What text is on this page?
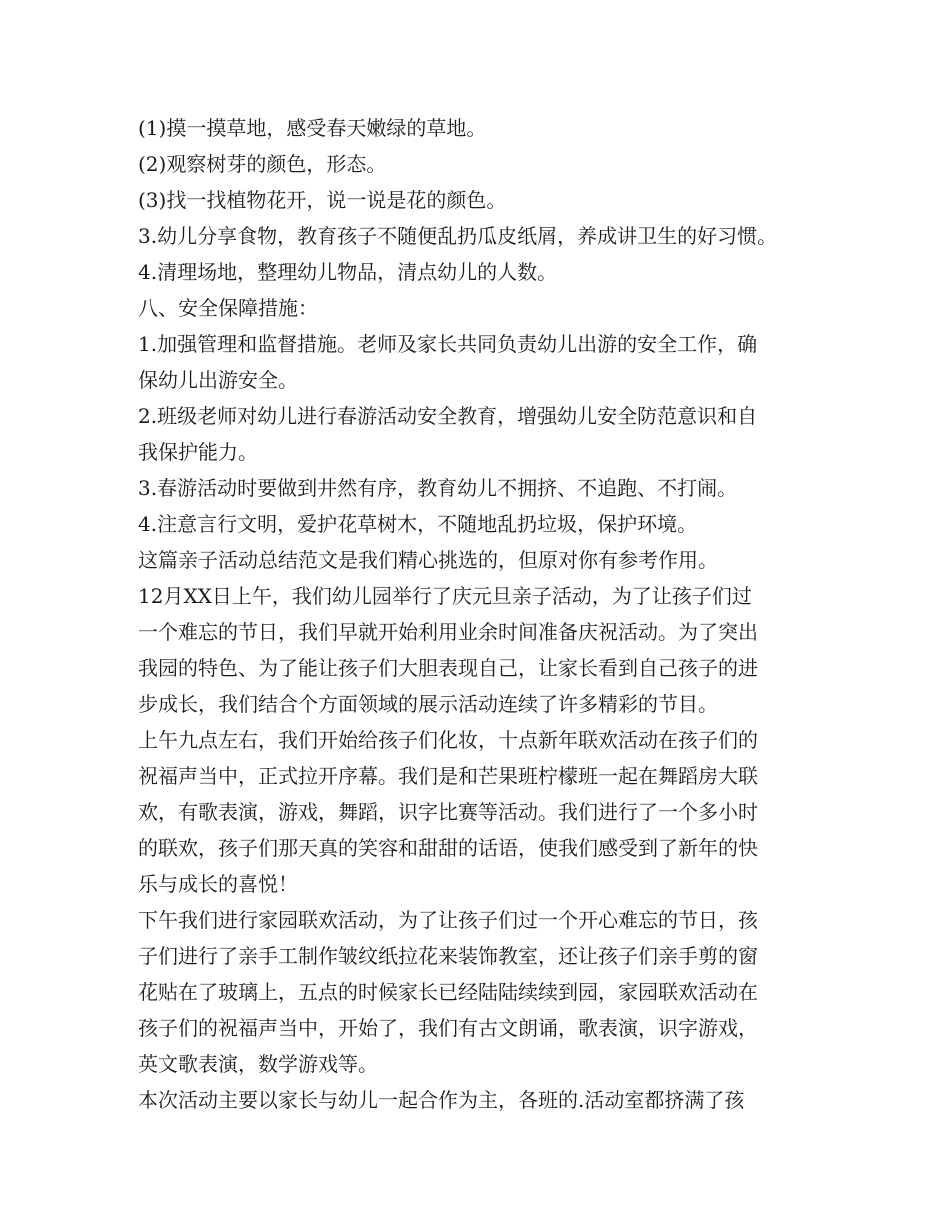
(1)摸一摸草地，感受春天嫩绿的草地。
(2)观察树芽的颜色，形态。
(3)找一找植物花开，说一说是花的颜色。
3.幼儿分享食物，教育孩子不随便乱扔瓜皮纸屑，养成讲卫生的好习惯。
4.清理场地，整理幼儿物品，清点幼儿的人数。
八、安全保障措施：
1.加强管理和监督措施。老师及家长共同负责幼儿出游的安全工作，确
保幼儿出游安全。
2.班级老师对幼儿进行春游活动安全教育，增强幼儿安全防范意识和自
我保护能力。
3.春游活动时要做到井然有序，教育幼儿不拥挤、不追跑、不打闹。
4.注意言行文明，爱护花草树木，不随地乱扔垃圾，保护环境。
这篇亲子活动总结范文是我们精心挑选的，但原对你有参考作用。
12月XX日上午，我们幼儿园举行了庆元旦亲子活动，为了让孩子们过
一个难忘的节日，我们早就开始利用业余时间准备庆祝活动。为了突出
我园的特色、为了能让孩子们大胆表现自己，让家长看到自己孩子的进
步成长，我们结合个方面领域的展示活动连续了许多精彩的节目。
上午九点左右，我们开始给孩子们化妆，十点新年联欢活动在孩子们的
祝福声当中，正式拉开序幕。我们是和芒果班柠檬班一起在舞蹈房大联
欢，有歌表演，游戏，舞蹈，识字比赛等活动。我们进行了一个多小时
的联欢，孩子们那天真的笑容和甜甜的话语，使我们感受到了新年的快
乐与成长的喜悦！
下午我们进行家园联欢活动，为了让孩子们过一个开心难忘的节日，孩
子们进行了亲手工制作皱纹纸拉花来装饰教室，还让孩子们亲手剪的窗
花贴在了玻璃上，五点的时候家长已经陆陆续续到园，家园联欢活动在
孩子们的祝福声当中，开始了，我们有古文朗诵，歌表演，识字游戏，
英文歌表演，数学游戏等。
本次活动主要以家长与幼儿一起合作为主，各班的.活动室都挤满了孩
